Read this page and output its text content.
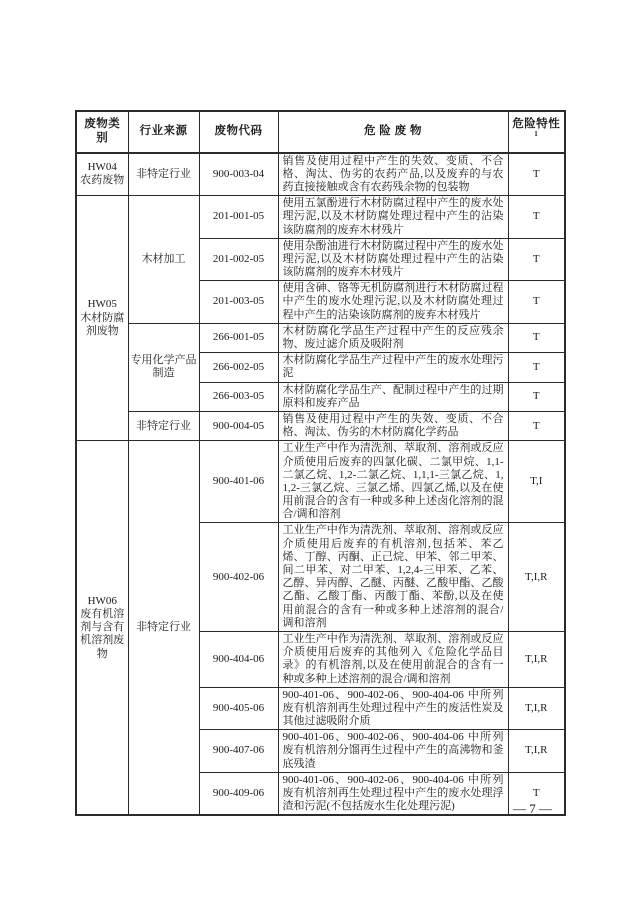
废物类别	行业来源	废物代码	危 险 废 物	危险特性$^1$

HW04
农药废物	非特定行业	900-003-04	销售及使用过程中产生的失效、变质、不合格、淘汰、伪劣的农药产品,以及废弃的与农药直接接触或含有农药残余物的包装物	T

HW05
木材防腐剂废物	木材加工	201-001-05	使用五氯酚进行木材防腐过程中产生的废水处理污泥,以及木材防腐处理过程中产生的沾染该防腐剂的废弃木材残片	T
		201-002-05	使用杂酚油进行木材防腐过程中产生的废水处理污泥,以及木材防腐处理过程中产生的沾染该防腐剂的废弃木材残片	T
		201-003-05	使用含砷、铬等无机防腐剂进行木材防腐过程中产生的废水处理污泥,以及木材防腐处理过程中产生的沾染该防腐剂的废弃木材残片	T
	专用化学产品制造	266-001-05	木材防腐化学品生产过程中产生的反应残余物、废过滤介质及吸附剂	T
		266-002-05	木材防腐化学品生产过程中产生的废水处理污泥	T
		266-003-05	木材防腐化学品生产、配制过程中产生的过期原料和废弃产品	T
	非特定行业	900-004-05	销售及使用过程中产生的失效、变质、不合格、淘汰、伪劣的木材防腐化学药品	T

HW06
废有机溶剂与含有机溶剂废物	非特定行业	900-401-06	工业生产中作为清洗剂、萃取剂、溶剂或反应介质使用后废弃的四氯化碳、二氯甲烷、1,1-二氯乙烷、1,2-二氯乙烷、1,1,1-三氯乙烷、1,1,2-三氯乙烷、三氯乙烯、四氯乙烯,以及在使用前混合的含有一种或多种上述卤化溶剂的混合/调和溶剂	T,I
		900-402-06	工业生产中作为清洗剂、萃取剂、溶剂或反应介质使用后废弃的有机溶剂,包括苯、苯乙烯、丁醇、丙酮、正己烷、甲苯、邻二甲苯、间二甲苯、对二甲苯、1,2,4-三甲苯、乙苯、乙醇、异丙醇、乙醚、丙醚、乙酸甲酯、乙酸乙酯、乙酸丁酯、丙酸丁酯、苯酚,以及在使用前混合的含有一种或多种上述溶剂的混合/调和溶剂	T,I,R
		900-404-06	工业生产中作为清洗剂、萃取剂、溶剂或反应介质使用后废弃的其他列入《危险化学品目录》的有机溶剂,以及在使用前混合的含有一种或多种上述溶剂的混合/调和溶剂	T,I,R
		900-405-06	900-401-06、900-402-06、900-404-06 中所列废有机溶剂再生处理过程中产生的废活性炭及其他过滤吸附介质	T,I,R
		900-407-06	900-401-06、900-402-06、900-404-06 中所列废有机溶剂分馏再生过程中产生的高沸物和釜底残渣	T,I,R
		900-409-06	900-401-06、900-402-06、900-404-06 中所列废有机溶剂再生处理过程中产生的废水处理浮渣和污泥(不包括废水生化处理污泥)	T
— 7 —
